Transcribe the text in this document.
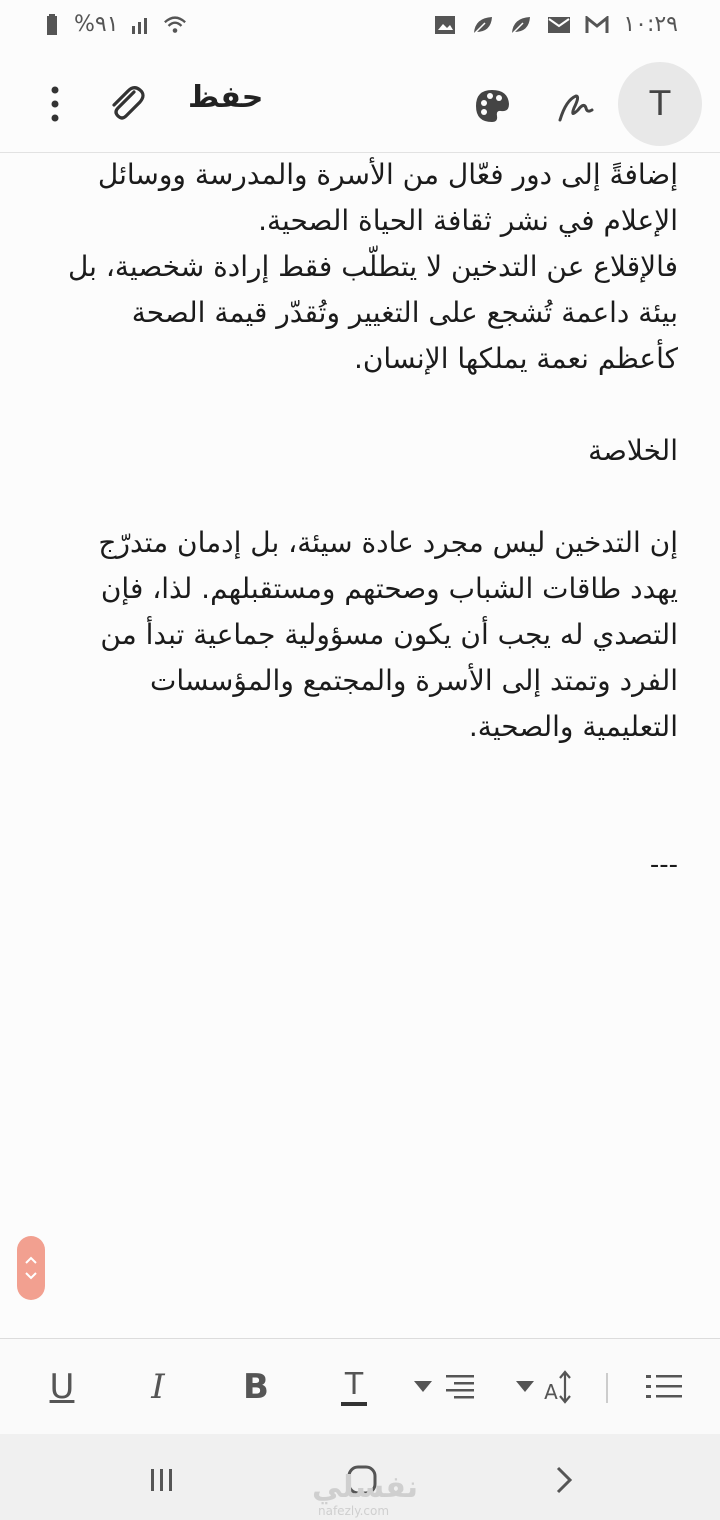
%٩١	١٠:٢٩
حفظ	T

إضافةً إلى دور فعّال من الأسرة والمدرسة ووسائل

الإعلام في نشر ثقافة الحياة الصحية.

فالإقلاع عن التدخين لا يتطلّب فقط إرادة شخصية، بل بيئة داعمة تُشجع على التغيير وتُقدّر قيمة الصحة كأعظم نعمة يملكها الإنسان.

الخلاصة

إن التدخين ليس مجرد عادة سيئة، بل إدمان متدرّج يهدد طاقات الشباب وصحتهم ومستقبلهم. لذا، فإن التصدي له يجب أن يكون مسؤولية جماعية تبدأ من الفرد وتمتد إلى الأسرة والمجتمع والمؤسسات التعليمية والصحية.

---

U I B	T	A
نفسلي
nafezly.com
